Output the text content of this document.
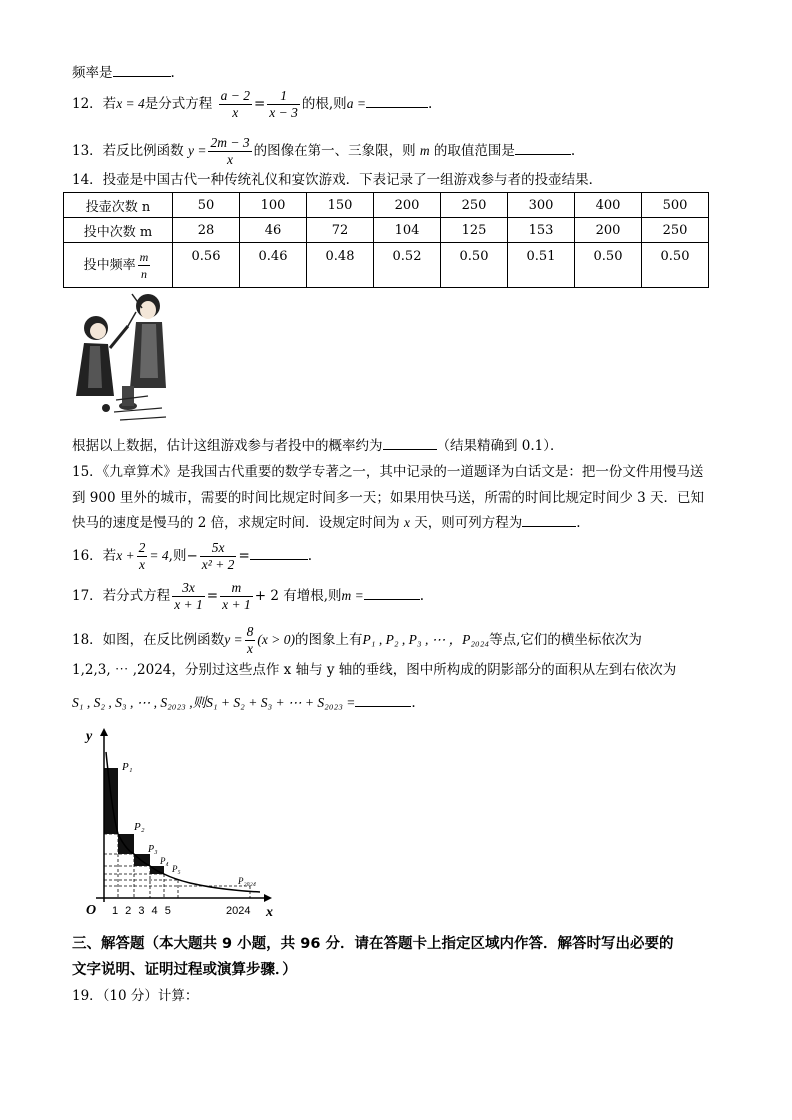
频率是	.
12．若x = 4是分式方程 $\frac{a - 2}{x} = \frac{1}{x - 3}$ 的根,则a =	.
13．若反比例函数 $y = \frac{2m - 3}{x}$ 的图像在第一、三象限，则 m 的取值范围是	.
14．投壶是中国古代一种传统礼仪和宴饮游戏．下表记录了一组游戏参与者的投壶结果．
投壶次数 n	50	100	150	200	250	300	400	500
投中次数 m	28	46	72	104	125	153	200	250
投中频率 $\frac{m}{n}$	0.56	0.46	0.48	0.52	0.50	0.51	0.50	0.50
根据以上数据，估计这组游戏参与者投中的概率约为	（结果精确到 0.1）．
15．《九章算术》是我国古代重要的数学专著之一，其中记录的一道题译为白话文是：把一份文件用慢马送
到 900 里外的城市，需要的时间比规定时间多一天；如果用快马送，所需的时间比规定时间少 3 天．已知
快马的速度是慢马的 2 倍，求规定时间．设规定时间为 x 天，则可列方程为	.
16．若$x + \frac{2}{x} = 4$,则− $\frac{5x}{\text{x² + 2}}$ =	.
17．若分式方程 $\frac{3x}{x + 1} = \frac{m}{x + 1} + 2$ 有增根,则m =	.
18．如图，在反比例函数$y = \frac{8}{x} (x > 0)$的图象上有P₁ , P₂ , P₃ , ⋯ ，P₂₀₂₄等点,它们的横坐标依次为
1,2,3, ⋯ ,2024，分别过这些点作 x 轴与 y 轴的垂线，图中所构成的阴影部分的面积从左到右依次为
S₁ , S₂ , S₃ , ⋯ , S₂₀₂₃ ,则S₁ + S₂ + S₃ + ⋯ + S₂₀₂₃ =	.
y
x
O 1 2 3 4 5	2024
P₁
P₂
P₃
P₄
P₅
P₂₀₂₄
三、解答题（本大题共 9 小题，共 96 分．请在答题卡上指定区域内作答．解答时写出必要的
文字说明、证明过程或演算步骤．）
19．（10 分）计算：
